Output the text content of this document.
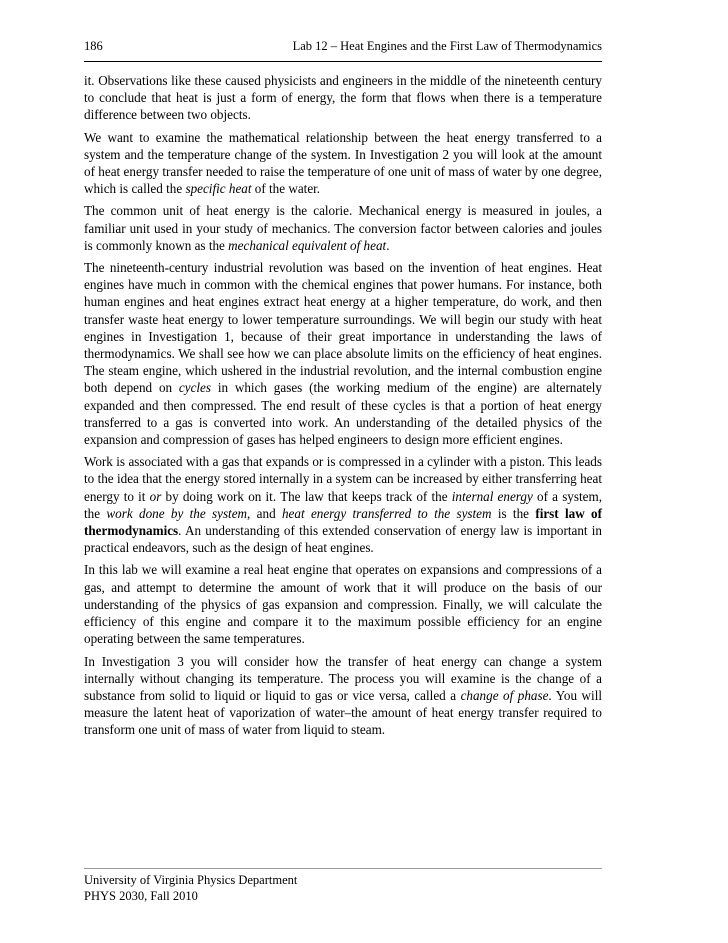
186	Lab 12 – Heat Engines and the First Law of Thermodynamics

it. Observations like these caused physicists and engineers in the middle of the nineteenth century to conclude that heat is just a form of energy, the form that flows when there is a temperature difference between two objects.

We want to examine the mathematical relationship between the heat energy transferred to a system and the temperature change of the system. In Investigation 2 you will look at the amount of heat energy transfer needed to raise the temperature of one unit of mass of water by one degree, which is called the specific heat of the water.

The common unit of heat energy is the calorie. Mechanical energy is measured in joules, a familiar unit used in your study of mechanics. The conversion factor between calories and joules is commonly known as the mechanical equivalent of heat.

The nineteenth-century industrial revolution was based on the invention of heat engines. Heat engines have much in common with the chemical engines that power humans. For instance, both human engines and heat engines extract heat energy at a higher temperature, do work, and then transfer waste heat energy to lower temperature surroundings. We will begin our study with heat engines in Investigation 1, because of their great importance in understanding the laws of thermodynamics. We shall see how we can place absolute limits on the efficiency of heat engines. The steam engine, which ushered in the industrial revolution, and the internal combustion engine both depend on cycles in which gases (the working medium of the engine) are alternately expanded and then compressed. The end result of these cycles is that a portion of heat energy transferred to a gas is converted into work. An understanding of the detailed physics of the expansion and compression of gases has helped engineers to design more efficient engines.

Work is associated with a gas that expands or is compressed in a cylinder with a piston. This leads to the idea that the energy stored internally in a system can be increased by either transferring heat energy to it or by doing work on it. The law that keeps track of the internal energy of a system, the work done by the system, and heat energy transferred to the system is the first law of thermodynamics. An understanding of this extended conservation of energy law is important in practical endeavors, such as the design of heat engines.

In this lab we will examine a real heat engine that operates on expansions and compressions of a gas, and attempt to determine the amount of work that it will produce on the basis of our understanding of the physics of gas expansion and compression. Finally, we will calculate the efficiency of this engine and compare it to the maximum possible efficiency for an engine operating between the same temperatures.

In Investigation 3 you will consider how the transfer of heat energy can change a system internally without changing its temperature. The process you will examine is the change of a substance from solid to liquid or liquid to gas or vice versa, called a change of phase. You will measure the latent heat of vaporization of water–the amount of heat energy transfer required to transform one unit of mass of water from liquid to steam.

University of Virginia Physics Department
PHYS 2030, Fall 2010
